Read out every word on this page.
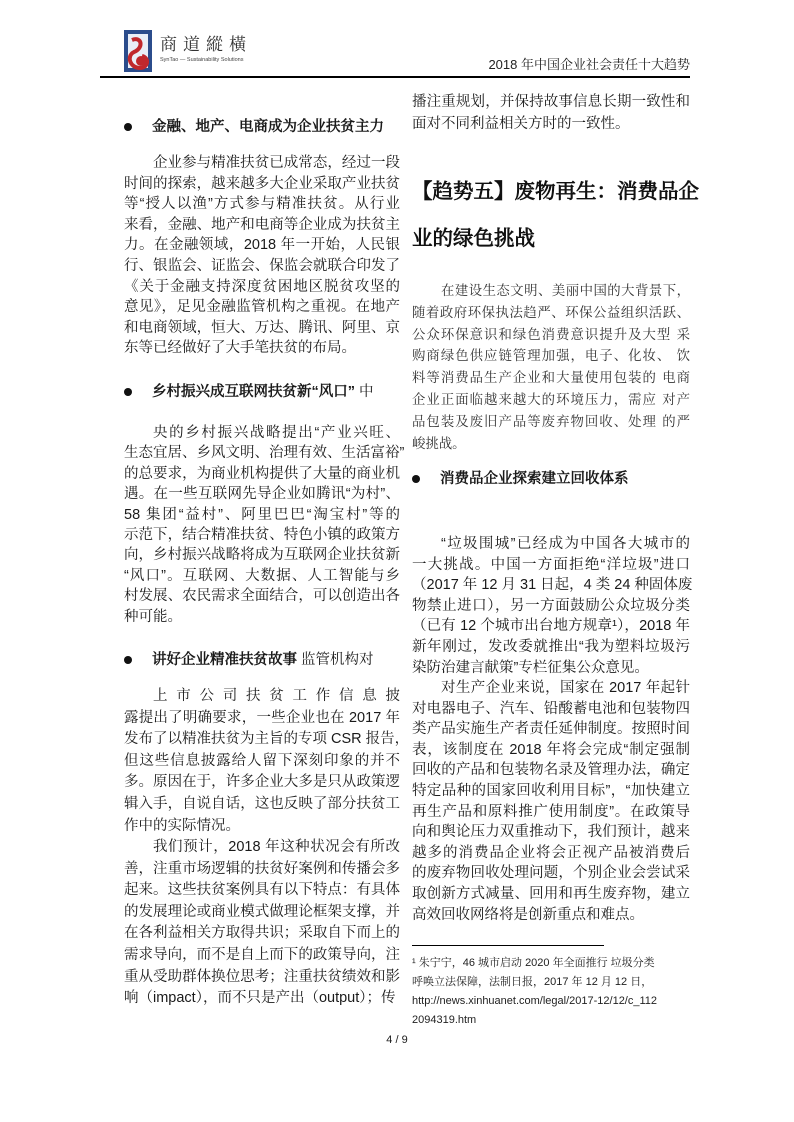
商道縱橫
SynTao — Sustainability Solutions	2018 年中国企业社会责任十大趋势
企业参与精准扶贫已成常态，经过一段
时间的探索，越来越多大企业采取产业扶贫
等“授人以渔”方式参与精准扶贫。从行业
来看，金融、地产和电商等企业成为扶贫主
力。在金融领域，2018 年一开始，人民银
行、银监会、证监会、保监会就联合印发了
《关于金融支持深度贫困地区脱贫攻坚的
意见》，足见金融监管机构之重视。在地产
和电商领域，恒大、万达、腾讯、阿里、京
东等已经做好了大手笔扶贫的布局。
央的乡村振兴战略提出“产业兴旺、
生态宜居、乡风文明、治理有效、生活富裕”
的总要求，为商业机构提供了大量的商业机
遇。在一些互联网先导企业如腾讯“为村”、
58 集团“益村”、阿里巴巴“淘宝村”等的
示范下，结合精准扶贫、特色小镇的政策方
向，乡村振兴战略将成为互联网企业扶贫新
“风口”。互联网、大数据、人工智能与乡
村发展、农民需求全面结合，可以创造出各
种可能。
上市公司扶贫工作信息披
露提出了明确要求，一些企业也在 2017 年
发布了以精准扶贫为主旨的专项 CSR 报告，
但这些信息披露给人留下深刻印象的并不
多。原因在于，许多企业大多是只从政策逻
辑入手，自说自话，这也反映了部分扶贫工
作中的实际情况。
我们预计，2018 年这种状况会有所改
善，注重市场逻辑的扶贫好案例和传播会多
起来。这些扶贫案例具有以下特点：有具体
的发展理论或商业模式做理论框架支撑，并
在各利益相关方取得共识；采取自下而上的
需求导向，而不是自上而下的政策导向，注
重从受助群体换位思考；注重扶贫绩效和影
响（impact），而不只是产出（output）；传
播注重规划，并保持故事信息长期一致性和
面对不同利益相关方时的一致性。
在建设生态文明、美丽中国的大背景下，
随着政府环保执法趋严、环保公益组织活跃、
公众环保意识和绿色消费意识提升及大型 采
购商绿色供应链管理加强，电子、化妆、 饮
料等消费品生产企业和大量使用包装的 电商
企业正面临越来越大的环境压力，需应 对产
品包装及废旧产品等废弃物回收、处理 的严
峻挑战。
“垃圾围城”已经成为中国各大城市的
一大挑战。中国一方面拒绝“洋垃圾”进口
（2017 年 12 月 31 日起，4 类 24 种固体废
物禁止进口），另一方面鼓励公众垃圾分类
（已有 12 个城市出台地方规章¹），2018 年
新年刚过，发改委就推出“我为塑料垃圾污
染防治建言献策”专栏征集公众意见。
对生产企业来说，国家在 2017 年起针
对电器电子、汽车、铅酸蓄电池和包装物四
类产品实施生产者责任延伸制度。按照时间
表，该制度在 2018 年将会完成“制定强制
回收的产品和包装物名录及管理办法，确定
特定品种的国家回收利用目标”，“加快建立
再生产品和原料推广使用制度”。在政策导
向和舆论压力双重推动下，我们预计，越来
越多的消费品企业将会正视产品被消费后
的废弃物回收处理问题，个别企业会尝试采
取创新方式减量、回用和再生废弃物，建立
高效回收网络将是创新重点和难点。
金融、地产、电商成为企业扶贫主力
乡村振兴成互联网扶贫新“风口” 中
讲好企业精准扶贫故事 监管机构对
消费品企业探索建立回收体系
【趋势五】废物再生：消费品企
业的绿色挑战
¹ 朱宁宁，46 城市启动 2020 年全面推行 垃圾分类
呼唤立法保障，法制日报，2017 年 12 月 12 日，
http://news.xinhuanet.com/legal/2017-12/12/c_112
2094319.htm
4 / 9
